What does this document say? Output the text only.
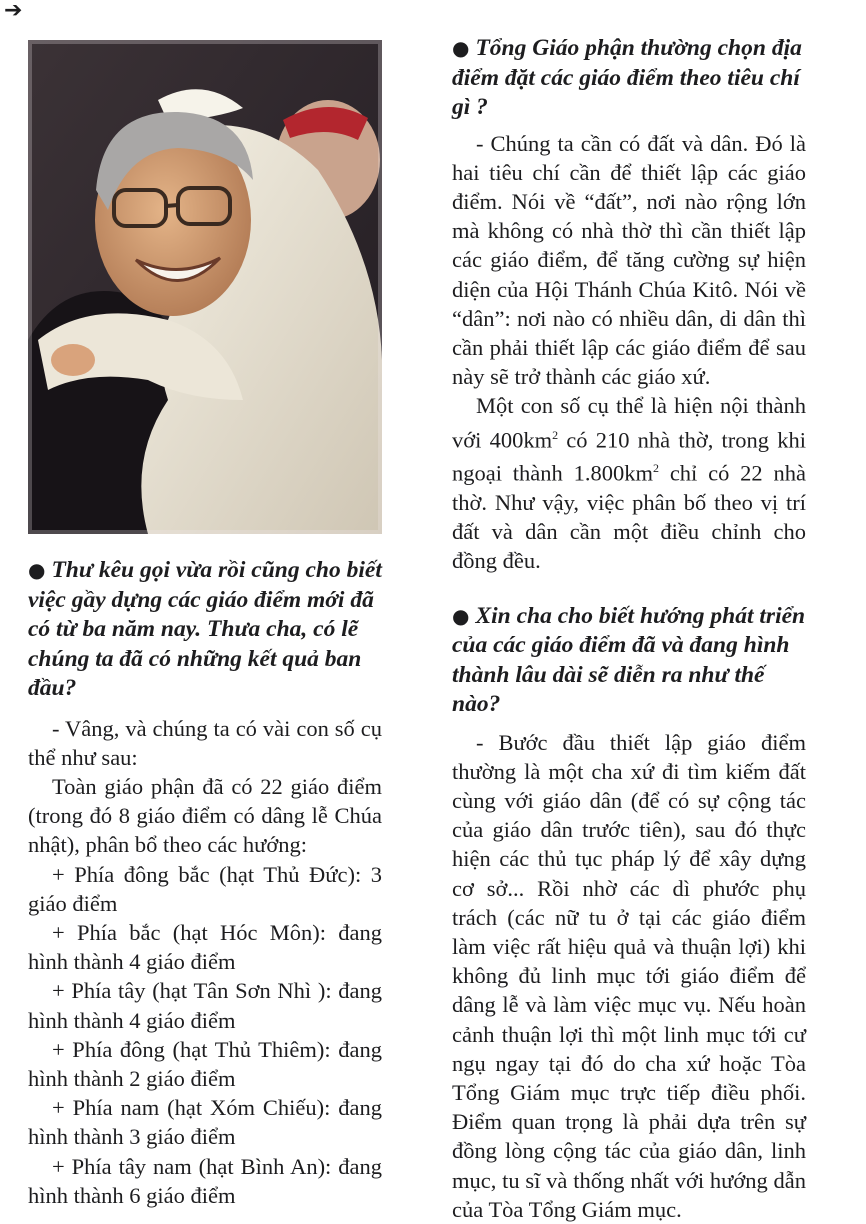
➔

● Thư kêu gọi vừa rồi cũng cho biết việc gầy dựng các giáo điểm mới đã có từ ba năm nay. Thưa cha, có lẽ chúng ta đã có những kết quả ban đầu?

- Vâng, và chúng ta có vài con số cụ thể như sau:

Toàn giáo phận đã có 22 giáo điểm (trong đó 8 giáo điểm có dâng lễ Chúa nhật), phân bổ theo các hướng:

+ Phía đông bắc (hạt Thủ Đức): 3 giáo điểm

+ Phía bắc (hạt Hóc Môn): đang hình thành 4 giáo điểm

+ Phía tây (hạt Tân Sơn Nhì ): đang hình thành 4 giáo điểm

+ Phía đông (hạt Thủ Thiêm): đang hình thành 2 giáo điểm

+ Phía nam (hạt Xóm Chiếu): đang hình thành 3 giáo điểm

+ Phía tây nam (hạt Bình An): đang hình thành 6 giáo điểm

● Tổng Giáo phận thường chọn địa điểm đặt các giáo điểm theo tiêu chí gì ?

- Chúng ta cần có đất và dân. Đó là hai tiêu chí cần để thiết lập các giáo điểm. Nói về “đất”, nơi nào rộng lớn mà không có nhà thờ thì cần thiết lập các giáo điểm, để tăng cường sự hiện diện của Hội Thánh Chúa Kitô. Nói về “dân”: nơi nào có nhiều dân, di dân thì cần phải thiết lập các giáo điểm để sau này sẽ trở thành các giáo xứ.

Một con số cụ thể là hiện nội thành với $400km^2$ có 210 nhà thờ, trong khi ngoại thành $1.800km^2$ chỉ có 22 nhà thờ. Như vậy, việc phân bố theo vị trí đất và dân cần một điều chỉnh cho đồng đều.

● Xin cha cho biết hướng phát triển của các giáo điểm đã và đang hình thành lâu dài sẽ diễn ra như thế nào?

- Bước đầu thiết lập giáo điểm thường là một cha xứ đi tìm kiếm đất cùng với giáo dân (để có sự cộng tác của giáo dân trước tiên), sau đó thực hiện các thủ tục pháp lý để xây dựng cơ sở... Rồi nhờ các dì phước phụ trách (các nữ tu ở tại các giáo điểm làm việc rất hiệu quả và thuận lợi) khi không đủ linh mục tới giáo điểm để dâng lễ và làm việc mục vụ. Nếu hoàn cảnh thuận lợi thì một linh mục tới cư ngụ ngay tại đó do cha xứ hoặc Tòa Tổng Giám mục trực tiếp điều phối. Điểm quan trọng là phải dựa trên sự đồng lòng cộng tác của giáo dân, linh mục, tu sĩ và thống nhất với hướng dẫn của Tòa Tổng Giám mục.
